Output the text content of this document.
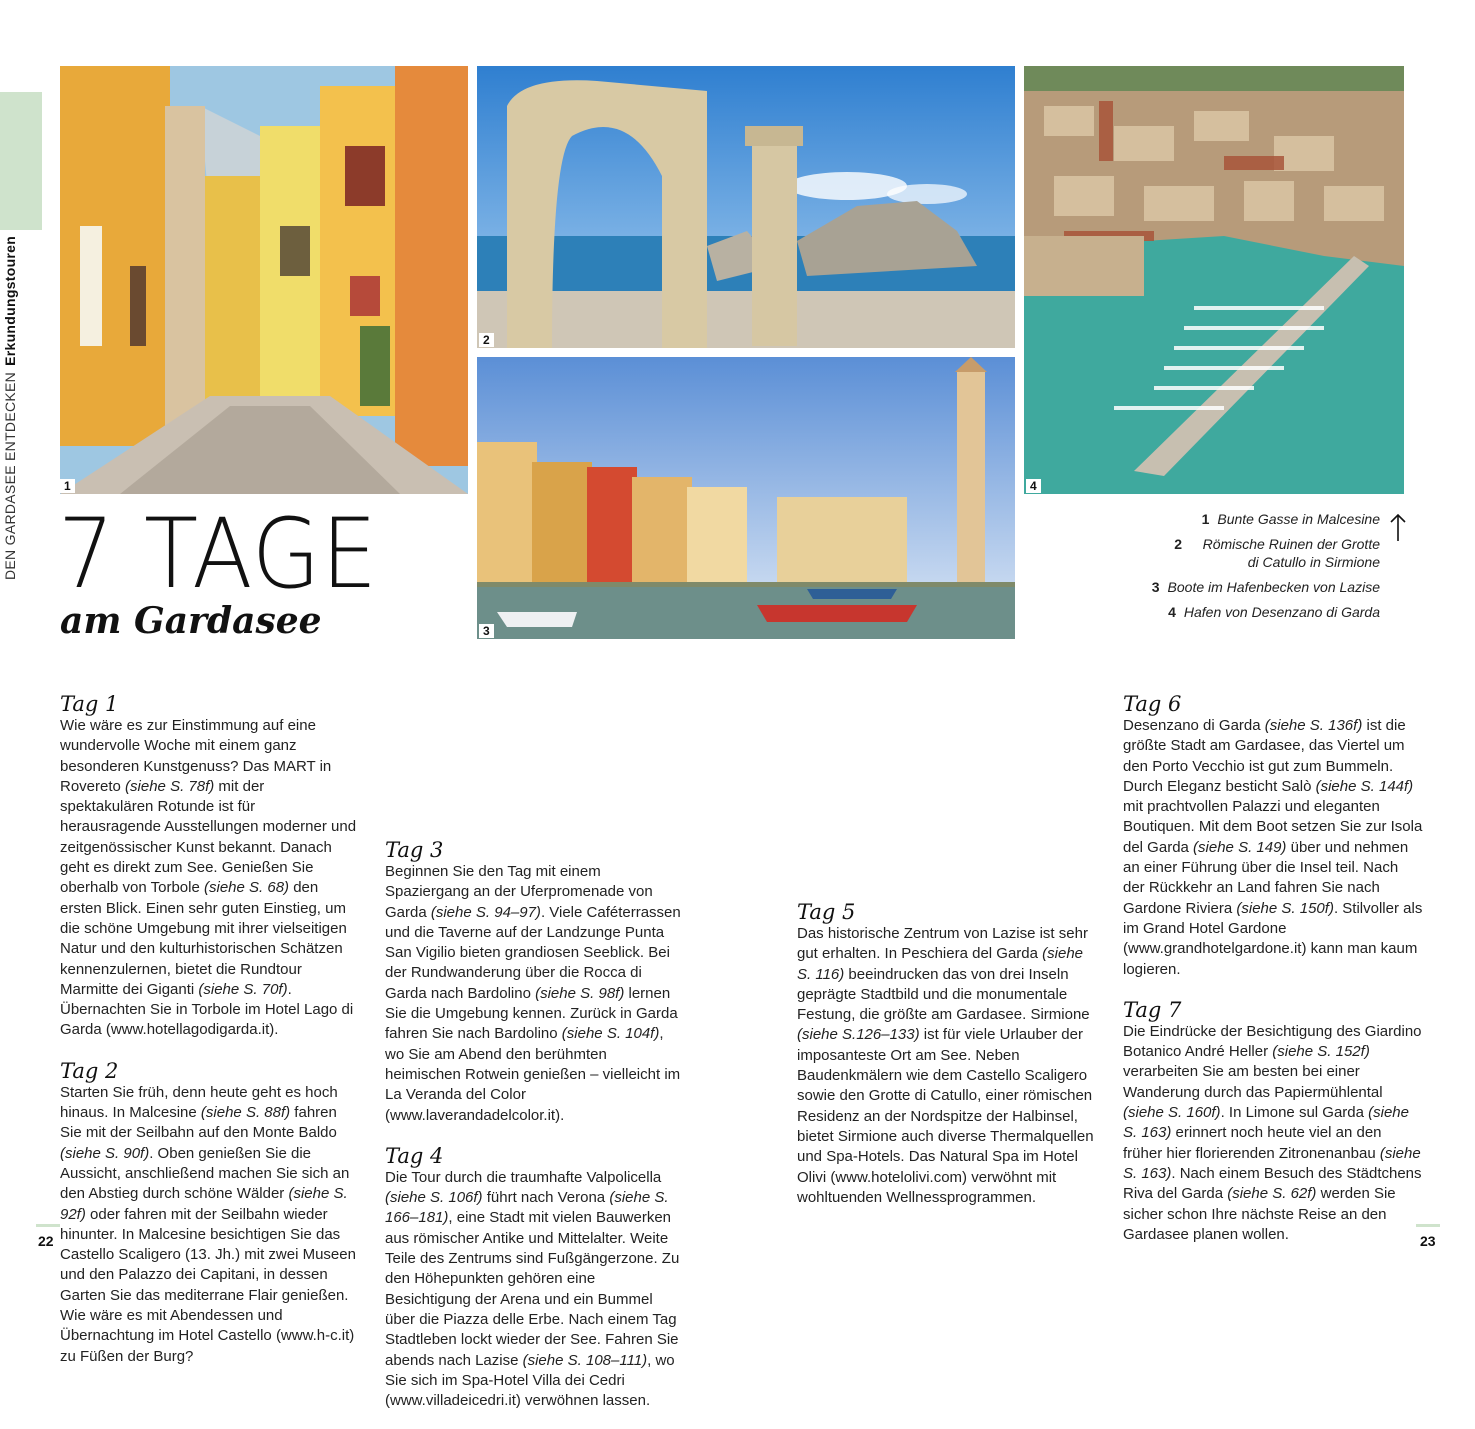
DEN GARDASEE ENTDECKENErkundungstouren
1
2
3
4
7 TAGE
am Gardasee
1 Bunte Gasse in Malcesine
2	Römische Ruinen der Grotte di Catullo in Sirmione
3 Boote im Hafenbecken von Lazise
4 Hafen von Desenzano di Garda
Tag 1

Wie wäre es zur Einstimmung auf eine wundervolle Woche mit einem ganz besonderen Kunstgenuss? Das MART in Rovereto (siehe S. 78f) mit der spektakulären Rotunde ist für herausragende Ausstellungen moderner und zeitgenössischer Kunst bekannt. Danach geht es direkt zum See. Genießen Sie oberhalb von Torbole (siehe S. 68) den ersten Blick. Einen sehr guten Einstieg, um die schöne Umgebung mit ihrer vielseitigen Natur und den kulturhistorischen Schätzen kennenzulernen, bietet die Rundtour Marmitte dei Giganti (siehe S. 70f). Übernachten Sie in Torbole im Hotel Lago di Garda (www.hotellagodigarda.it).

Tag 2

Starten Sie früh, denn heute geht es hoch hinaus. In Malcesine (siehe S. 88f) fahren Sie mit der Seilbahn auf den Monte Baldo (siehe S. 90f). Oben genießen Sie die Aussicht, anschließend machen Sie sich an den Abstieg durch schöne Wälder (siehe S. 92f) oder fahren mit der Seilbahn wieder hinunter. In Malcesine besichtigen Sie das Castello Scaligero (13. Jh.) mit zwei Museen und den Palazzo dei Capitani, in dessen Garten Sie das mediterrane Flair genießen. Wie wäre es mit Abendessen und Übernachtung im Hotel Castello (www.h-c.it) zu Füßen der Burg?

Tag 3

Beginnen Sie den Tag mit einem Spaziergang an der Uferpromenade von Garda (siehe S. 94–97). Viele Caféterrassen und die Taverne auf der Landzunge Punta San Vigilio bieten grandiosen Seeblick. Bei der Rundwanderung über die Rocca di Garda nach Bardolino (siehe S. 98f) lernen Sie die Umgebung kennen. Zurück in Garda fahren Sie nach Bardolino (siehe S. 104f), wo Sie am Abend den berühmten heimischen Rotwein genießen – vielleicht im La Veranda del Color (www.laverandadelcolor.it).

Tag 4

Die Tour durch die traumhafte Valpolicella (siehe S. 106f) führt nach Verona (siehe S. 166–181), eine Stadt mit vielen Bauwerken aus römischer Antike und Mittelalter. Weite Teile des Zentrums sind Fußgängerzone. Zu den Höhepunkten gehören eine Besichtigung der Arena und ein Bummel über die Piazza delle Erbe. Nach einem Tag Stadtleben lockt wieder der See. Fahren Sie abends nach Lazise (siehe S. 108–111), wo Sie sich im Spa-Hotel Villa dei Cedri (www.villadeicedri.it) verwöhnen lassen.

Tag 5

Das historische Zentrum von Lazise ist sehr gut erhalten. In Peschiera del Garda (siehe S. 116) beeindrucken das von drei Inseln geprägte Stadtbild und die monumentale Festung, die größte am Gardasee. Sirmione (siehe S.126–133) ist für viele Urlauber der imposanteste Ort am See. Neben Baudenkmälern wie dem Castello Scaligero sowie den Grotte di Catullo, einer römischen Residenz an der Nordspitze der Halbinsel, bietet Sirmione auch diverse Thermalquellen und Spa-Hotels. Das Natural Spa im Hotel Olivi (www.hotelolivi.com) verwöhnt mit wohltuenden Wellnessprogrammen.

Tag 6

Desenzano di Garda (siehe S. 136f) ist die größte Stadt am Gardasee, das Viertel um den Porto Vecchio ist gut zum Bummeln. Durch Eleganz besticht Salò (siehe S. 144f) mit prachtvollen Palazzi und eleganten Boutiquen. Mit dem Boot setzen Sie zur Isola del Garda (siehe S. 149) über und nehmen an einer Führung über die Insel teil. Nach der Rückkehr an Land fahren Sie nach Gardone Riviera (siehe S. 150f). Stilvoller als im Grand Hotel Gardone (www.grandhotelgardone.it) kann man kaum logieren.

Tag 7

Die Eindrücke der Besichtigung des Giardino Botanico André Heller (siehe S. 152f) verarbeiten Sie am besten bei einer Wanderung durch das Papiermühlental (siehe S. 160f). In Limone sul Garda (siehe S. 163) erinnert noch heute viel an den früher hier florierenden Zitronenanbau (siehe S. 163). Nach einem Besuch des Städtchens Riva del Garda (siehe S. 62f) werden Sie sicher schon Ihre nächste Reise an den Gardasee planen wollen.

22	23
